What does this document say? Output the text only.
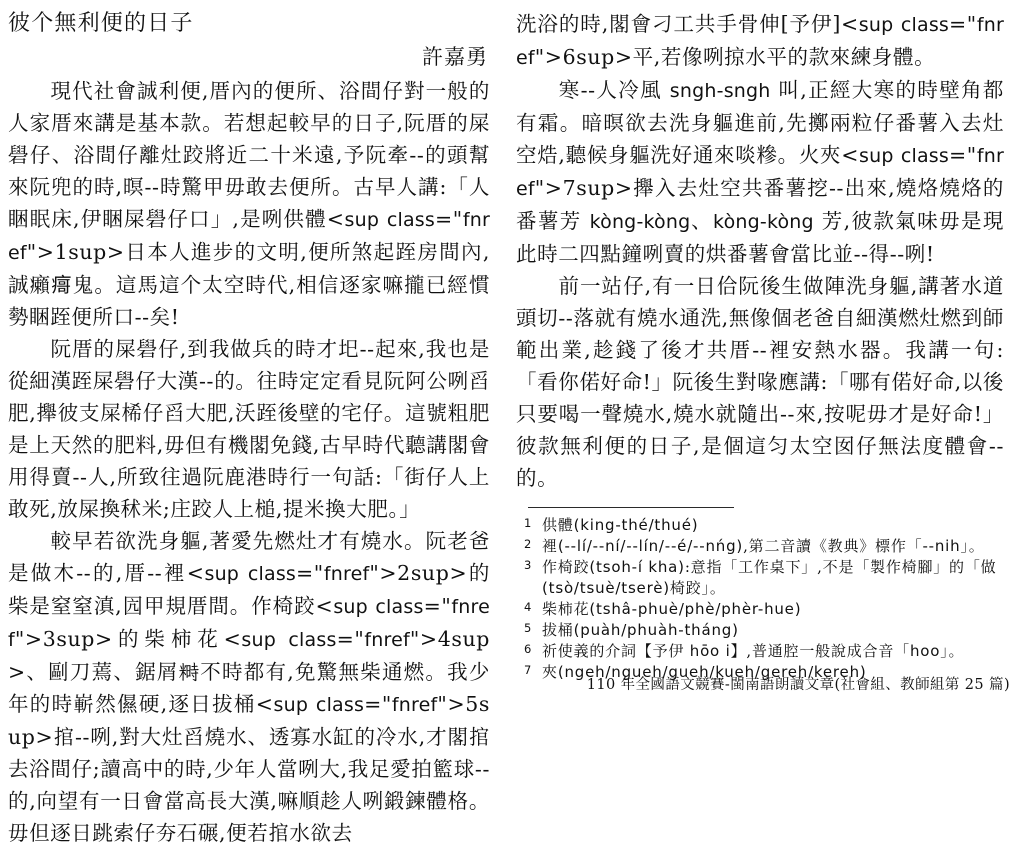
彼个無利便的日子
許嘉勇

現代社會誠利便,厝內的便所、浴間仔對一般的人家厝來講是基本款。若想起較早的日子,阮厝的屎礐仔、浴間仔離灶跤將近二十米遠,予阮牽--的頭幫來阮兜的時,暝--時驚甲毋敢去便所。古早人講:「人睏眠床,伊睏屎礐仔口」,是咧供體<sup class="fnref">1sup>日本人進步的文明,便所煞起跮房間內,誠癩𰣻鬼。這馬這个太空時代,相信逐家嘛攏已經慣勢睏跮便所口--矣!

阮厝的屎礐仔,到我做兵的時才圯--起來,我也是從細漢跮屎礐仔大漢--的。往時定定看見阮阿公咧舀肥,攑彼支屎桸仔舀大肥,沃跮後壁的宅仔。這號粗肥是上天然的肥料,毋但有機閣免錢,古早時代聽講閣會用得賣--人,所致往過阮鹿港時行一句話:「街仔人上敢死,放屎換秫米;庄跤人上槌,提米換大肥。」

較早若欲洗身軀,著愛先燃灶才有燒水。阮老爸是做木--的,厝--裡<sup class="fnref">2sup>的柴是窒窒滇,囥甲規厝間。作椅跤<sup class="fnref">3sup>的柴柿花<sup class="fnref">4sup>、剾刀蔫、鋸屑𥻵不時都有,免驚無柴通燃。我少年的時嶄然儑硬,逐日拔桶<sup class="fnref">5sup>捾--咧,對大灶舀燒水、透寡水缸的冷水,才閣捾去浴間仔;讀高中的時,少年人當咧大,我足愛拍籃球--的,向望有一日會當高長大漢,嘛順趁人咧鍛鍊體格。毋但逐日跳索仔夯石碾,便若捾水欲去

洗浴的時,閣會刁工共手骨伸[予伊]<sup class="fnref">6sup>平,若像咧掠水平的款來練身體。

寒--人冷風 sngh-sngh 叫,正經大寒的時壁角都有霜。暗暝欲去洗身軀進前,先擲兩粒仔番薯入去灶空焅,聽候身軀洗好通來啖糝。火夾<sup class="fnref">7sup>攑入去灶空共番薯挖--出來,燒烙燒烙的番薯芳 kòng-kòng、kòng-kòng 芳,彼款氣味毋是現此時二四點鐘咧賣的烘番薯會當比並--得--咧!

前一站仔,有一日佮阮後生做陣洗身軀,講著水道頭切--落就有燒水通洗,無像個老爸自細漢燃灶燃到師範出業,趁錢了後才共厝--裡安熱水器。我講一句:「看你偌好命!」阮後生對喙應講:「哪有偌好命,以後只要喝一聲燒水,燒水就隨出--來,按呢毋才是好命!」彼款無利便的日子,是個這匀太空囡仔無法度體會--的。

1 供體(king-thé/thué)
2 裡(--lí/--ní/--lín/--é/--nńg),第二音讀《教典》標作「--nih」。
3 作椅跤(tsoh-í kha):意指「工作桌下」,不是「製作椅腳」的「做(tsò/tsuè/tserè)椅跤」。
4 柴柿花(tshâ-phuè/phè/phèr-hue)
5 拔桶(puàh/phuàh-tháng)
6 祈使義的介詞【予伊 hōo i】,普通腔一般說成合音「hoo」。
7 夾(ngeh/ngueh/gueh/kueh/gereh/kereh)
110 年全國語文競賽-閩南語朗讀文章(社會組、教師組第 25 篇)
